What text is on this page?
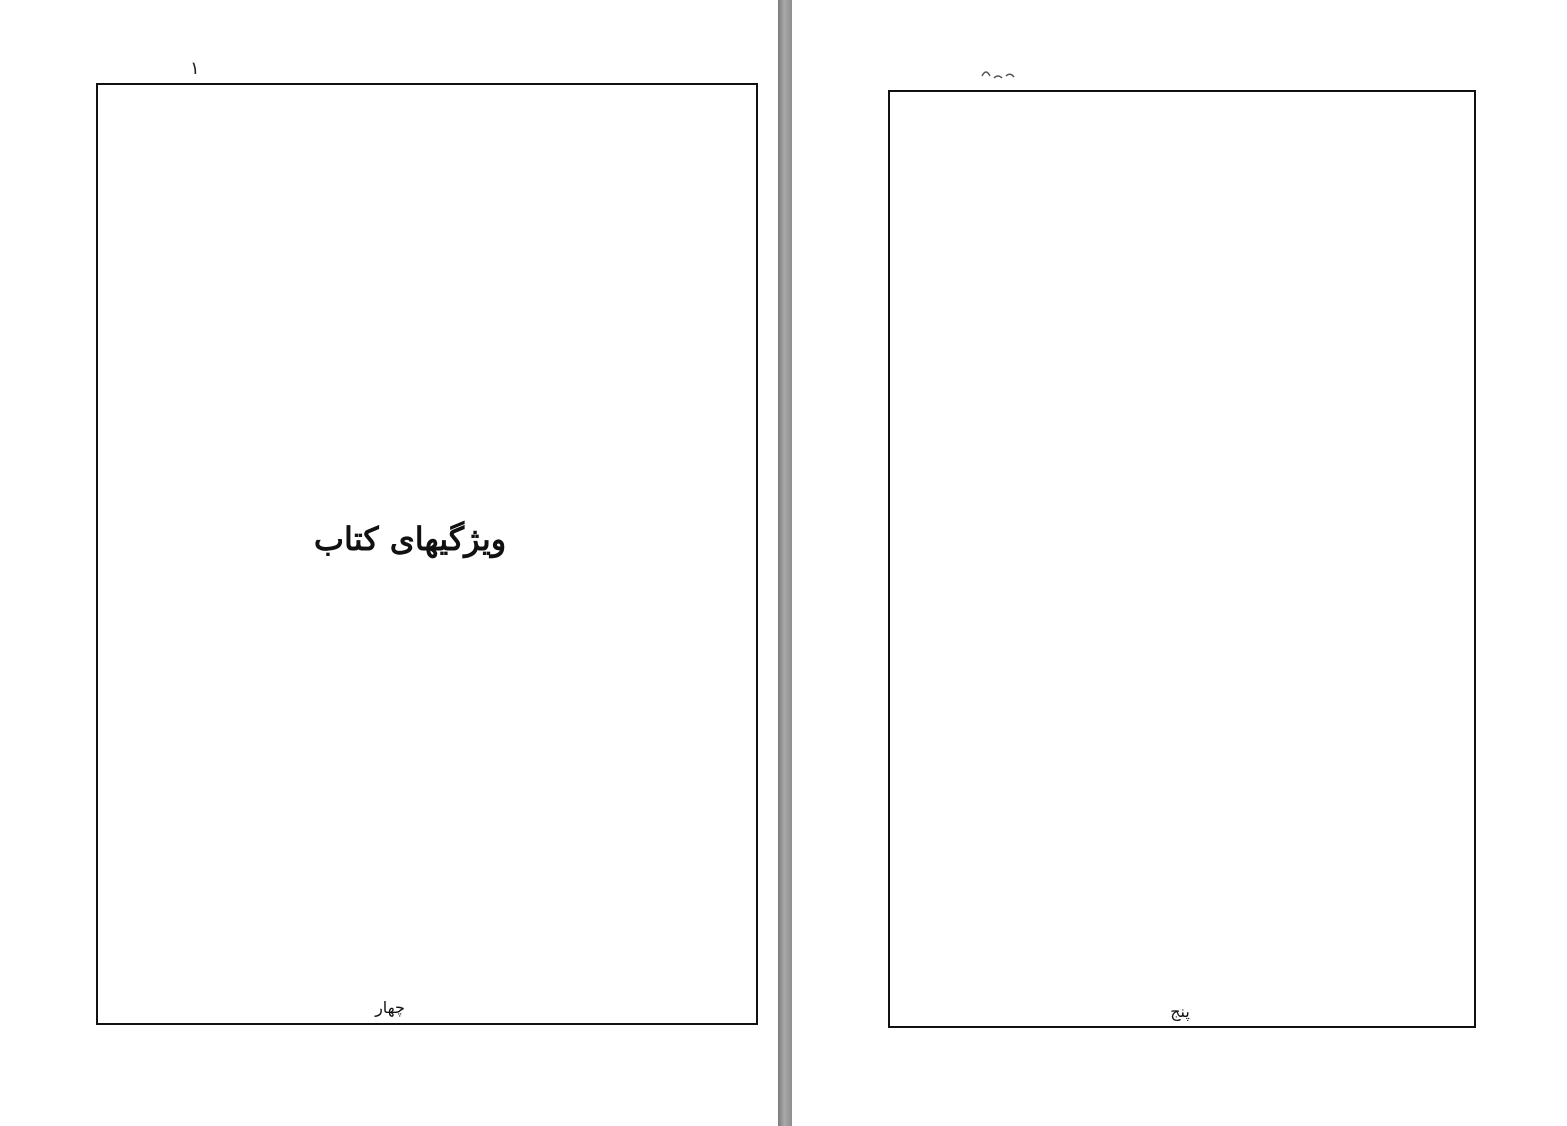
١

ویژگیهای کتاب

چهار	پنج
